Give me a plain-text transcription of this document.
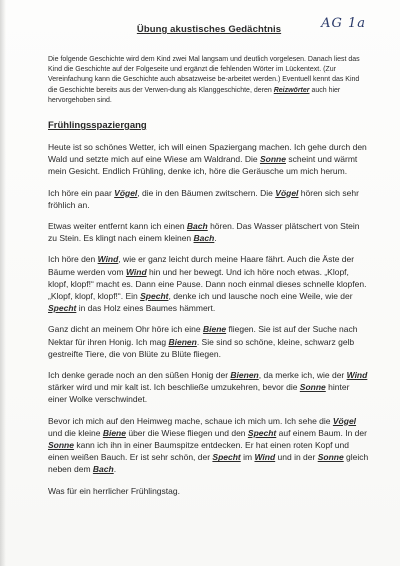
AG 1a
Übung akustisches Gedächtnis

Die folgende Geschichte wird dem Kind zwei Mal langsam und deutlich vorgelesen. Danach liest das Kind die Geschichte auf der Folgeseite und ergänzt die fehlenden Wörter im Lückentext. (Zur Vereinfachung kann die Geschichte auch absatzweise be-arbeitet werden.) Eventuell kennt das Kind die Geschichte bereits aus der Verwen-dung als Klanggeschichte, deren Reizwörter auch hier hervorgehoben sind.

Frühlingsspaziergang

Heute ist so schönes Wetter, ich will einen Spaziergang machen. Ich gehe durch den Wald und setzte mich auf eine Wiese am Waldrand. Die Sonne scheint und wärmt mein Gesicht. Endlich Frühling, denke ich, höre die Geräusche um mich herum.

Ich höre ein paar Vögel, die in den Bäumen zwitschern. Die Vögel hören sich sehr fröhlich an.

Etwas weiter entfernt kann ich einen Bach hören. Das Wasser plätschert von Stein zu Stein. Es klingt nach einem kleinen Bach.

Ich höre den Wind, wie er ganz leicht durch meine Haare fährt. Auch die Äste der Bäume werden vom Wind hin und her bewegt. Und ich höre noch etwas. „Klopf, klopf, klopf!“ macht es. Dann eine Pause. Dann noch einmal dieses schnelle klopfen. „Klopf, klopf, klopf!“. Ein Specht, denke ich und lausche noch eine Weile, wie der Specht in das Holz eines Baumes hämmert.

Ganz dicht an meinem Ohr höre ich eine Biene fliegen. Sie ist auf der Suche nach Nektar für ihren Honig. Ich mag Bienen. Sie sind so schöne, kleine, schwarz gelb gestreifte Tiere, die von Blüte zu Blüte fliegen.

Ich denke gerade noch an den süßen Honig der Bienen, da merke ich, wie der Wind stärker wird und mir kalt ist. Ich beschließe umzukehren, bevor die Sonne hinter einer Wolke verschwindet.

Bevor ich mich auf den Heimweg mache, schaue ich mich um. Ich sehe die Vögel und die kleine Biene über die Wiese fliegen und den Specht auf einem Baum. In der Sonne kann ich ihn in einer Baumspitze entdecken. Er hat einen roten Kopf und einen weißen Bauch. Er ist sehr schön, der Specht im Wind und in der Sonne gleich neben dem Bach.

Was für ein herrlicher Frühlingstag.
